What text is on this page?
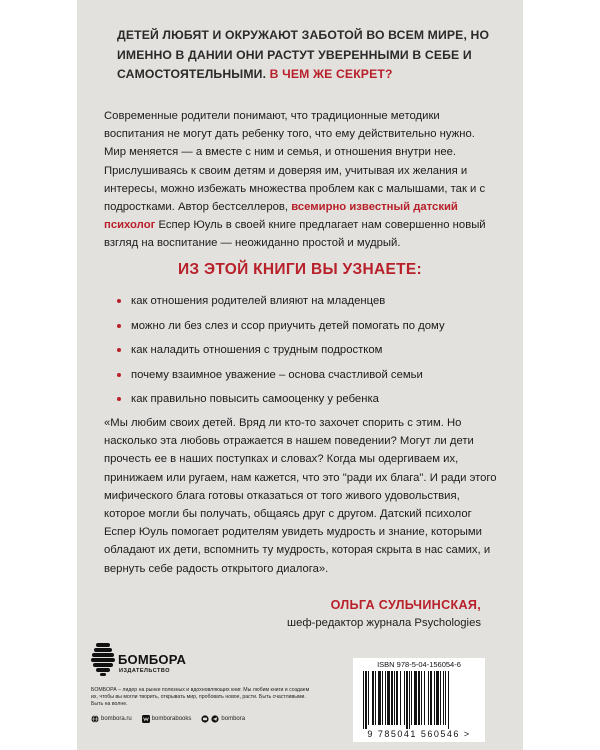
ДЕТЕЙ ЛЮБЯТ И ОКРУЖАЮТ ЗАБОТОЙ ВО ВСЕМ МИРЕ, НО ИМЕННО В ДАНИИ ОНИ РАСТУТ УВЕРЕННЫМИ В СЕБЕ И САМОСТОЯТЕЛЬНЫМИ. В ЧЕМ ЖЕ СЕКРЕТ?
Современные родители понимают, что традиционные методики воспитания не могут дать ребенку того, что ему действительно нужно. Мир меняется — а вместе с ним и семья, и отношения внутри нее. Прислушиваясь к своим детям и доверяя им, учитывая их желания и интересы, можно избежать множества проблем как с малышами, так и с подростками. Автор бестселлеров, всемирно известный датский психолог Еспер Юуль в своей книге предлагает нам совершенно новый взгляд на воспитание — неожиданно простой и мудрый.
ИЗ ЭТОЙ КНИГИ ВЫ УЗНАЕТЕ:
как отношения родителей влияют на младенцев
можно ли без слез и ссор приучить детей помогать по дому
как наладить отношения с трудным подростком
почему взаимное уважение – основа счастливой семьи
как правильно повысить самооценку у ребенка
«Мы любим своих детей. Вряд ли кто-то захочет спорить с этим. Но насколько эта любовь отражается в нашем поведении? Могут ли дети прочесть ее в наших поступках и словах? Когда мы одергиваем их, принижаем или ругаем, нам кажется, что это "ради их блага". И ради этого мифического блага готовы отказаться от того живого удовольствия, которое могли бы получать, общаясь друг с другом. Датский психолог Еспер Юуль помогает родителям увидеть мудрость и знание, которыми обладают их дети, вспомнить ту мудрость, которая скрыта в нас самих, и вернуть себе радость открытого диалога».
ОЛЬГА СУЛЬЧИНСКАЯ,
шеф-редактор журнала Psychologies
БОМБОРА
ИЗДАТЕЛЬСТВО
БОМБОРА – лидер на рынке полезных и вдохновляющих книг. Мы любим книги и создаем их, чтобы вы могли творить, открывать мир, пробовать новое, расти. Быть счастливыми. Быть на волне.
bombora.ru	bomborabooks	bombora
ISBN 978-5-04-156054-6
9 785041 560546 >
